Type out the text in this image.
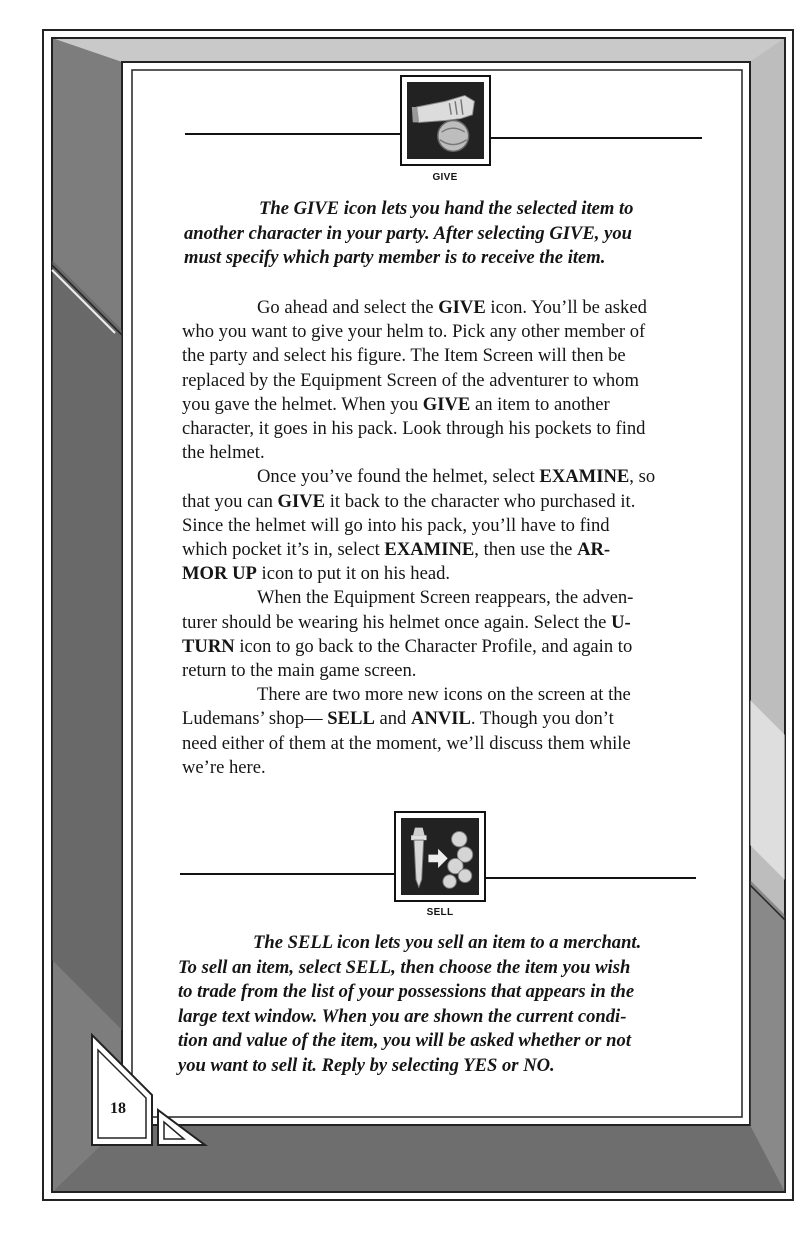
GIVE

The GIVE icon lets you hand the selected item to
another character in your party. After selecting GIVE, you
must specify which party member is to receive the item.

Go ahead and select the GIVE icon. You’ll be asked
who you want to give your helm to. Pick any other member of
the party and select his figure. The Item Screen will then be
replaced by the Equipment Screen of the adventurer to whom
you gave the helmet. When you GIVE an item to another
character, it goes in his pack. Look through his pockets to find
the helmet.
Once you’ve found the helmet, select EXAMINE, so
that you can GIVE it back to the character who purchased it.
Since the helmet will go into his pack, you’ll have to find
which pocket it’s in, select EXAMINE, then use the AR-
MOR UP icon to put it on his head.
When the Equipment Screen reappears, the adven-
turer should be wearing his helmet once again. Select the U-
TURN icon to go back to the Character Profile, and again to
return to the main game screen.
There are two more new icons on the screen at the
Ludemans’ shop— SELL and ANVIL. Though you don’t
need either of them at the moment, we’ll discuss them while
we’re here.
SELL

The SELL icon lets you sell an item to a merchant.
To sell an item, select SELL, then choose the item you wish
to trade from the list of your possessions that appears in the
large text window. When you are shown the current condi-
tion and value of the item, you will be asked whether or not
you want to sell it. Reply by selecting YES or NO.

18
